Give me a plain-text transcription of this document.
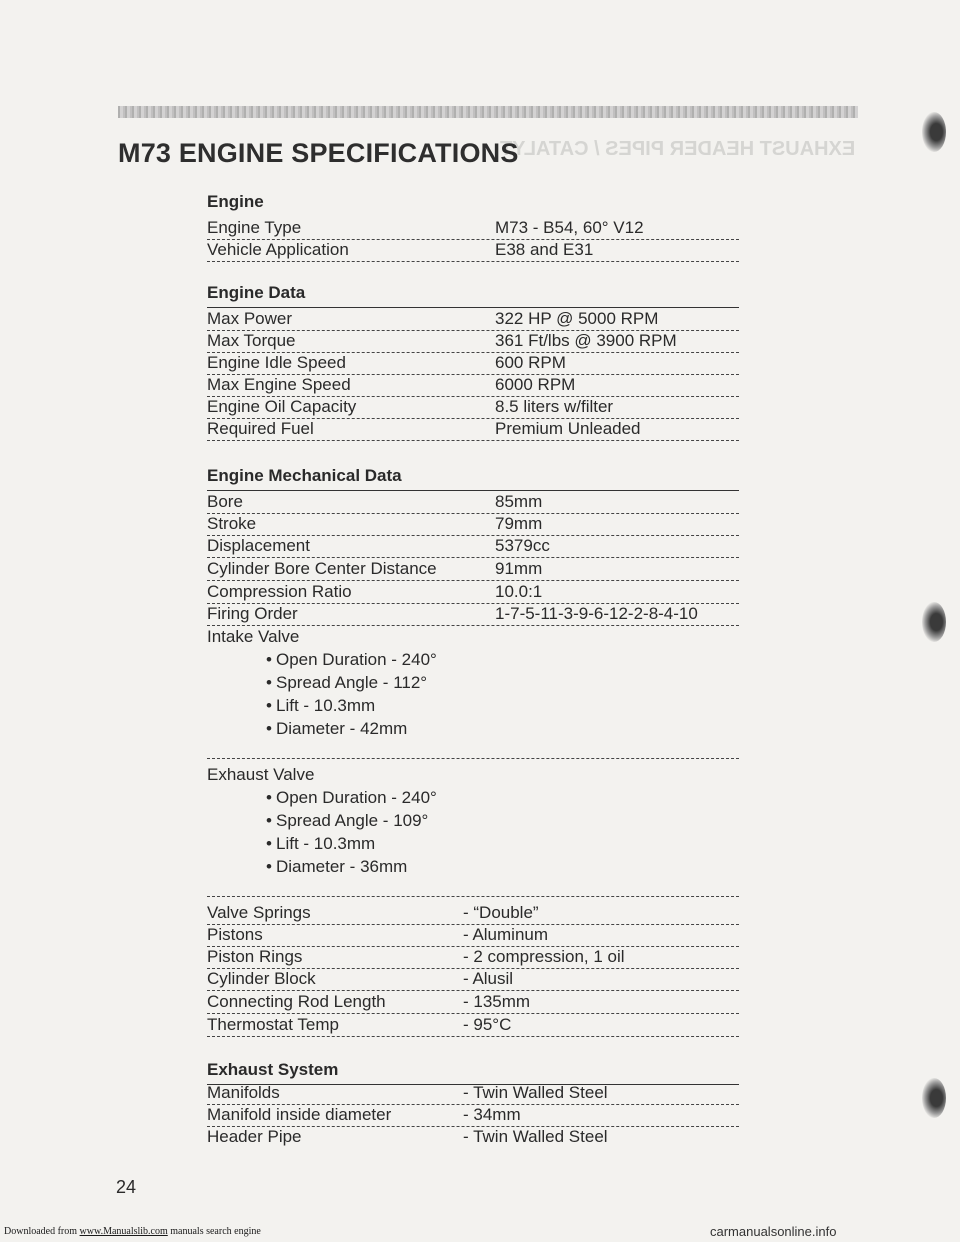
EXHAUST HEADER PIPES / CATALYT
M73 ENGINE SPECIFICATIONS
Engine
Engine Type	M73 - B54, 60° V12
Vehicle Application	E38 and E31
Engine Data
Max Power	322 HP @ 5000 RPM
Max Torque	361 Ft/lbs @ 3900 RPM
Engine Idle Speed	600 RPM
Max Engine Speed	6000 RPM
Engine Oil Capacity	8.5 liters w/filter
Required Fuel	Premium Unleaded
Engine Mechanical Data
Bore	85mm
Stroke	79mm
Displacement	5379cc
Cylinder Bore Center Distance	91mm
Compression Ratio	10.0:1
Firing Order	1-7-5-11-3-9-6-12-2-8-4-10
Intake Valve
• Open Duration - 240°
• Spread Angle - 112°
• Lift - 10.3mm
• Diameter - 42mm
Exhaust Valve
• Open Duration - 240°
• Spread Angle - 109°
• Lift - 10.3mm
• Diameter - 36mm
Valve Springs	- “Double”
Pistons	- Aluminum
Piston Rings	- 2 compression, 1 oil
Cylinder Block	- Alusil
Connecting Rod Length	- 135mm
Thermostat Temp	- 95°C
Exhaust System
Manifolds	- Twin Walled Steel
Manifold inside diameter	- 34mm
Header Pipe	- Twin Walled Steel
24
Downloaded from www.Manualslib.com manuals search engine	carmanualsonline.info
